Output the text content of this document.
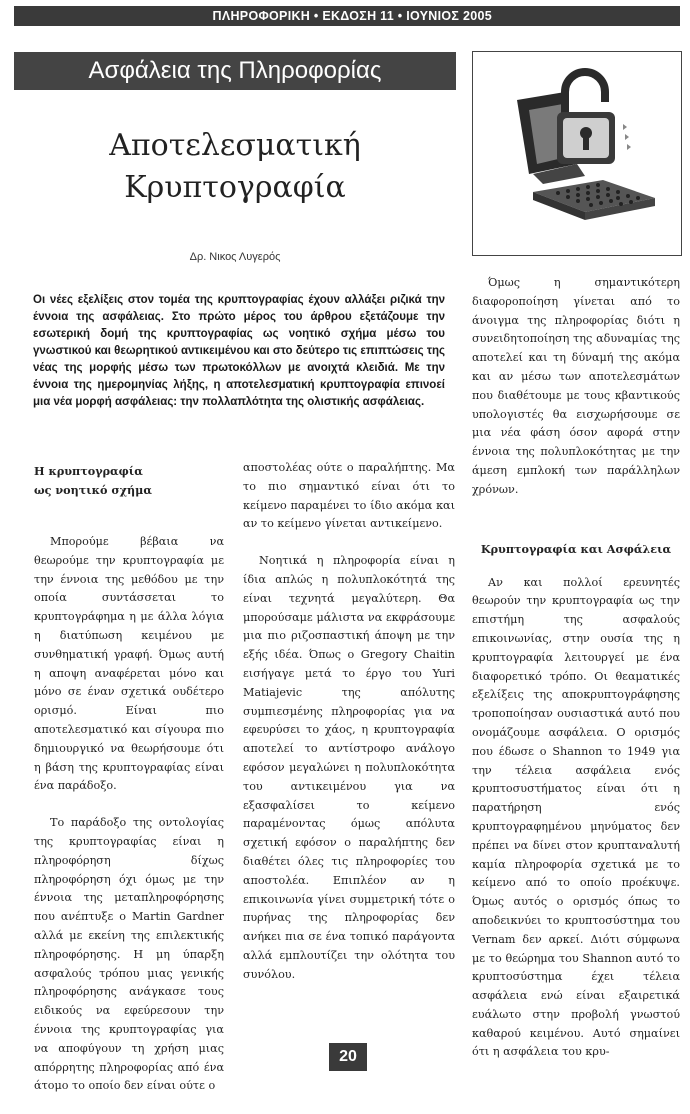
ΠΛΗΡΟΦΟΡΙΚΗ • ΕΚΔΟΣΗ 11 • ΙΟΥΝΙΟΣ 2005
Ασφάλεια της Πληροφορίας
Αποτελεσματική
Κρυπτογραφία
Δρ. Νικος Λυγερός
Οι νέες εξελίξεις στον τομέα της κρυπτογραφίας έχουν αλλάξει ριζικά την έννοια της ασφάλειας. Στο πρώτο μέρος του άρθρου εξετάζουμε την εσωτερική δομή της κρυπτογραφίας ως νοητικό σχήμα μέσω του γνωστικού και θεωρητικού αντικειμένου και στο δεύτερο τις επιπτώσεις της νέας της μορφής μέσω των πρωτοκόλλων με ανοιχτά κλειδιά. Με την έννοια της ημερομηνίας λήξης, η αποτελεσματική κρυπτογραφία επινοεί μια νέα μορφή ασφάλειας: την πολλαπλότητα της ολιστικής ασφάλειας.
Η κρυπτογραφία
ως νοητικό σχήμα

Μπορούμε βέβαια να θεωρούμε την κρυπτογραφία με την έννοια της μεθόδου με την οποία συντάσσεται το κρυπτογράφημα η με άλλα λόγια η διατύπωση κειμένου με συνθηματική γραφή. Όμως αυτή η αποψη αναφέρεται μόνο και μόνο σε έναν σχετικά ουδέτερο ορισμό. Είναι πιο αποτελεσματικό και σίγουρα πιο δημιουργικό να θεωρήσουμε ότι η βάση της κρυπτογραφίας είναι ένα παράδοξο.

Το παράδοξο της οντολογίας της κρυπτογραφίας είναι η πληροφόρηση δίχως πληροφόρηση όχι όμως με την έννοια της μεταπληροφόρησης που ανέπτυξε ο Martin Gardner αλλά με εκείνη της επιλεκτικής πληροφόρησης. Η μη ύπαρξη ασφαλούς τρόπου μιας γενικής πληροφόρησης ανάγκασε τους ειδικούς να εφεύρεσουν την έννοια της κρυπτογραφίας για να αποφύγουν τη χρήση μιας απόρρητης πληροφορίας από ένα άτομο το οποίο δεν είναι ούτε ο

αποστολέας ούτε ο παραλήπτης. Μα το πιο σημαντικό είναι ότι το κείμενο παραμένει το ίδιο ακόμα και αν το κείμενο γίνεται αντικείμενο.

Νοητικά η πληροφορία είναι η ίδια απλώς η πολυπλοκότητά της είναι τεχνητά μεγαλύτερη. Θα μπορούσαμε μάλιστα να εκφράσουμε μια πιο ριζοσπαστική άποψη με την εξής ιδέα. Όπως ο Gregory Chaitin εισήγαγε μετά το έργο του Yuri Matiajevic της απόλυτης συμπιεσμένης πληροφορίας για να εφευρύσει το χάος, η κρυπτογραφία αποτελεί το αντίστροφο ανάλογο εφόσον μεγαλώνει η πολυπλοκότητα του αντικειμένου για να εξασφαλίσει το κείμενο παραμένοντας όμως απόλυτα σχετική εφόσον ο παραλήπτης δεν διαθέτει όλες τις πληροφορίες του αποστολέα. Επιπλέον αν η επικοινωνία γίνει συμμετρική τότε ο πυρήνας της πληροφορίας δεν ανήκει πια σε ένα τοπικό παράγοντα αλλά εμπλουτίζει την ολότητα του συνόλου.

Όμως η σημαντικότερη διαφοροποίηση γίνεται από το άνοιγμα της πληροφορίας διότι η συνειδητοποίηση της αδυναμίας της αποτελεί και τη δύναμή της ακόμα και αν μέσω των αποτελεσμάτων που διαθέτουμε με τους κβαντικούς υπολογιστές θα εισχωρήσουμε σε μια νέα φάση όσον αφορά στην έννοια της πολυπλοκότητας με την άμεση εμπλοκή των παράλληλων χρόνων.

Κρυπτογραφία και Ασφάλεια

Αν και πολλοί ερευνητές θεωρούν την κρυπτογραφία ως την επιστήμη της ασφαλούς επικοινωνίας, στην ουσία της η κρυπτογραφία λειτουργεί με ένα διαφορετικό τρόπο. Οι θεαματικές εξελίξεις της αποκρυπτογράφησης τροποποίησαν ουσιαστικά αυτό που ονομάζουμε ασφάλεια. Ο ορισμός που έδωσε ο Shannon το 1949 για την τέλεια ασφάλεια ενός κρυπτοσυστήματος είναι ότι η παρατήρηση ενός κρυπτογραφημένου μηνύματος δεν πρέπει να δίνει στον κρυπταναλυτή καμία πληροφορία σχετικά με το κείμενο από το οποίο προέκυψε. Όμως αυτός ο ορισμός όπως το αποδεικνύει το κρυπτοσύστημα του Vernam δεν αρκεί. Διότι σύμφωνα με το θεώρημα του Shannon αυτό το κρυπτοσύστημα έχει τέλεια ασφάλεια ενώ είναι εξαιρετικά ευάλωτο στην προβολή γνωστού καθαρού κειμένου. Αυτό σημαίνει ότι η ασφάλεια του κρυ-

20
